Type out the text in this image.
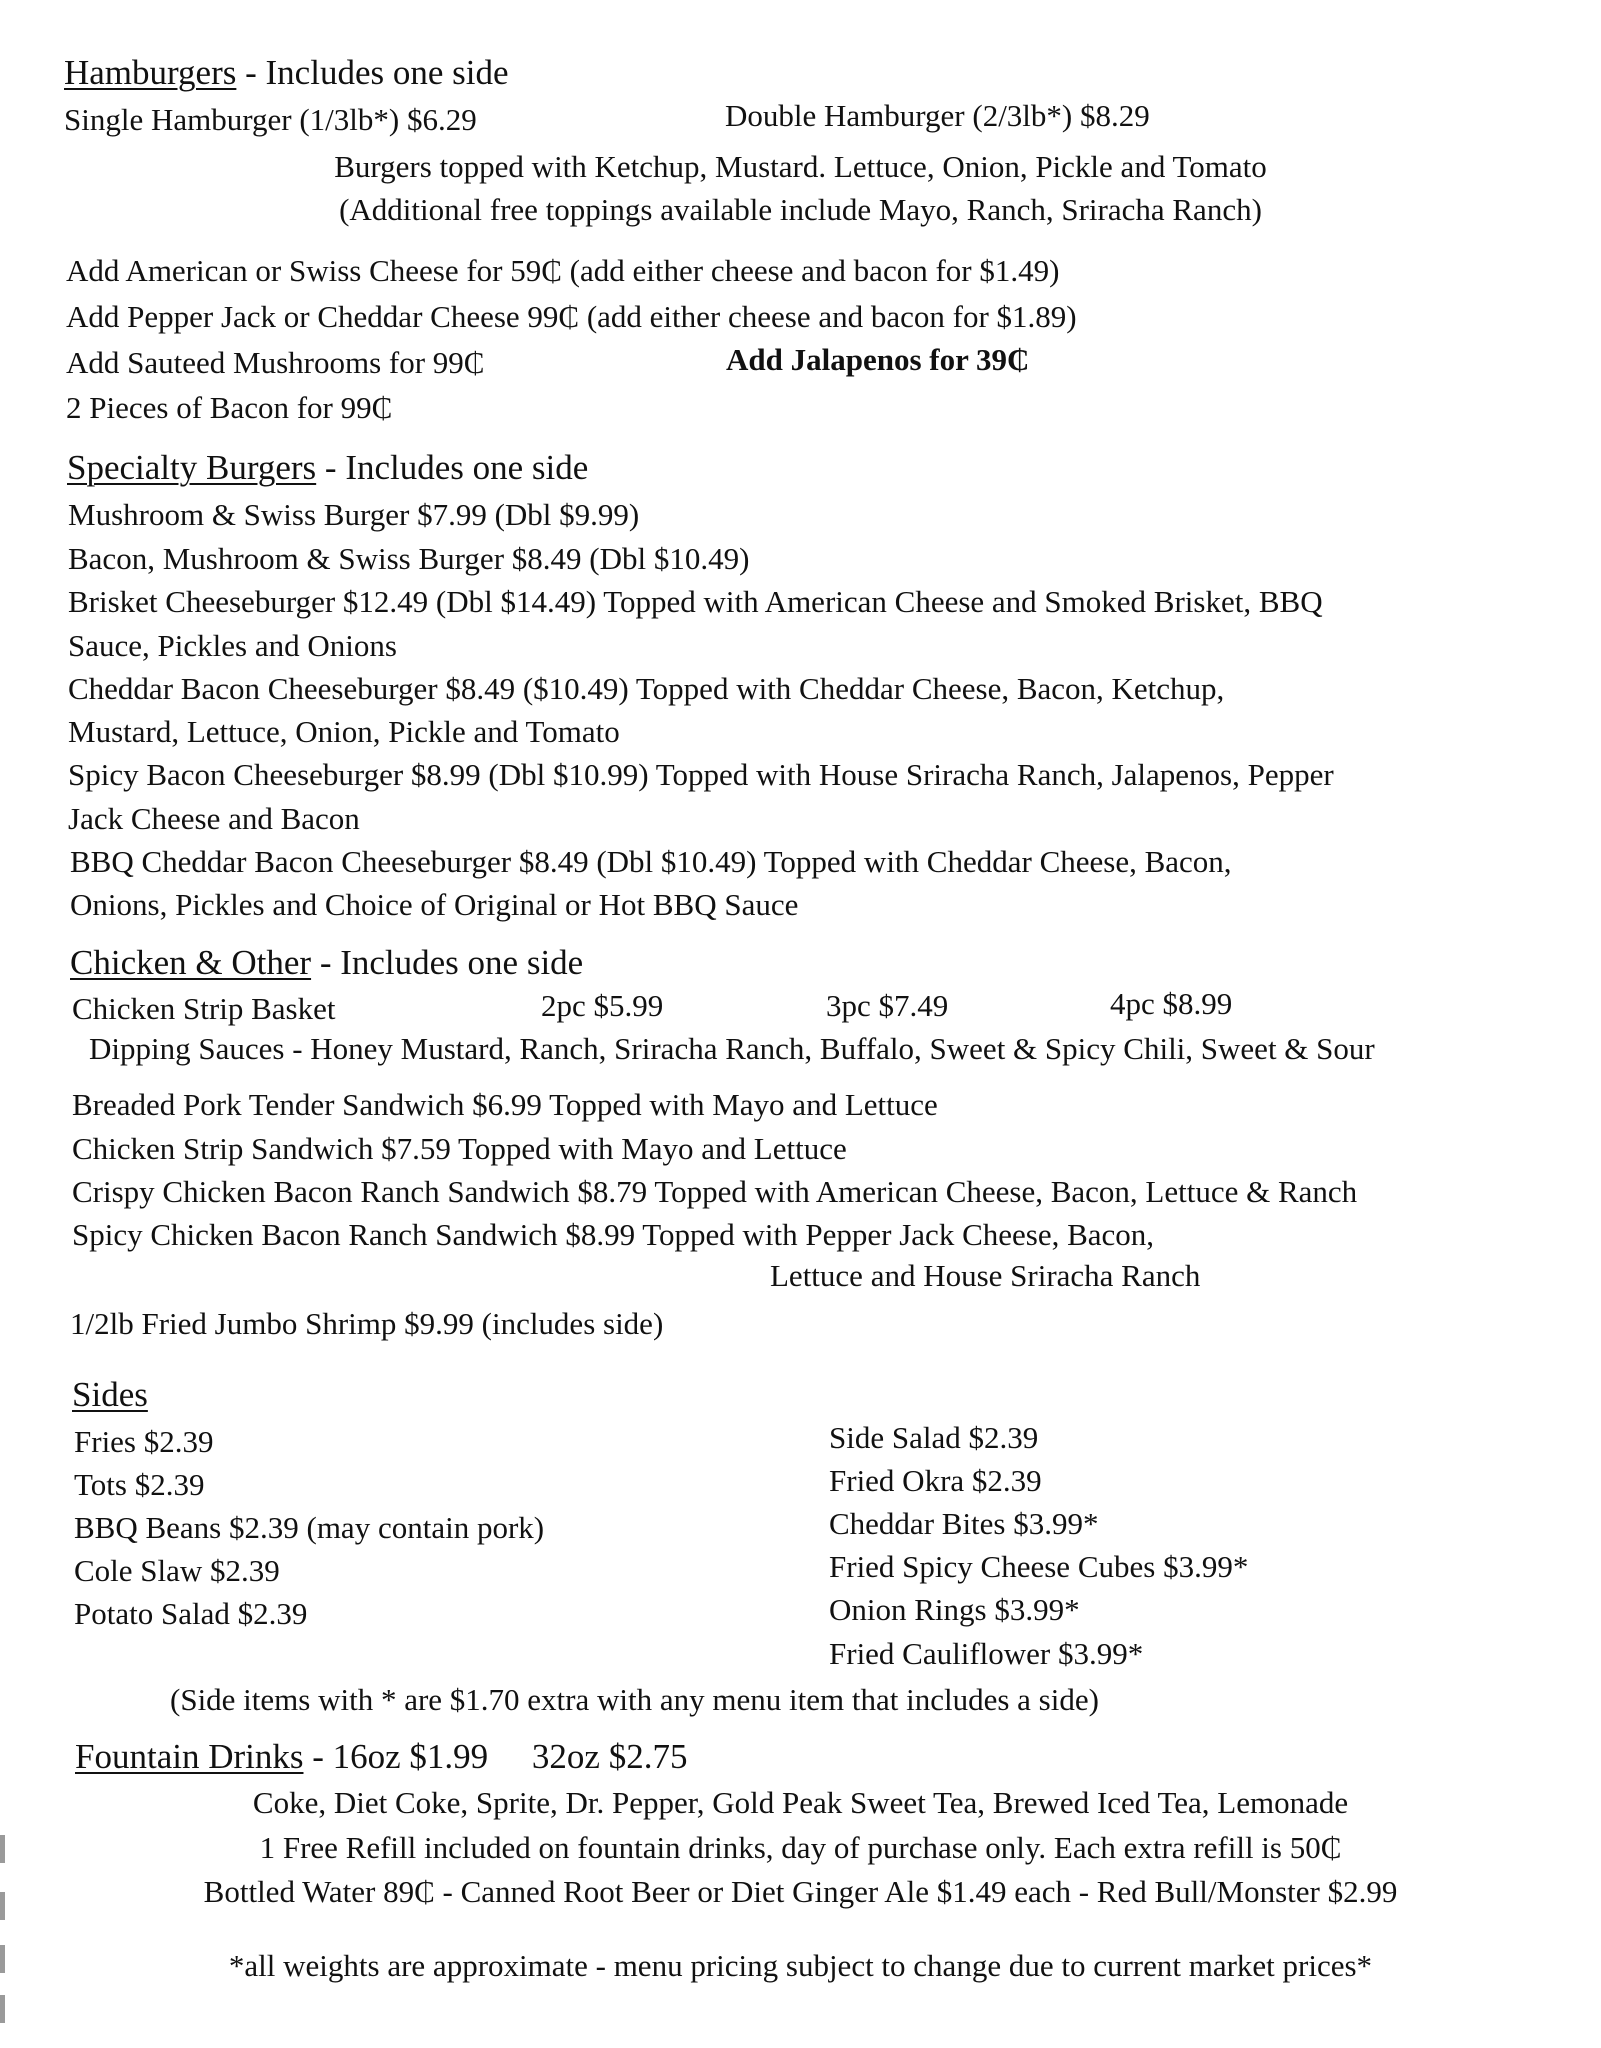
Hamburgers - Includes one side
Single Hamburger (1/3lb*) $6.29	Double Hamburger (2/3lb*) $8.29
Burgers topped with Ketchup, Mustard. Lettuce, Onion, Pickle and Tomato
(Additional free toppings available include Mayo, Ranch, Sriracha Ranch)
Add American or Swiss Cheese for 59₵ (add either cheese and bacon for $1.49)
Add Pepper Jack or Cheddar Cheese 99₵ (add either cheese and bacon for $1.89)
Add Sauteed Mushrooms for 99₵	Add Jalapenos for 39₵
2 Pieces of Bacon for 99₵
Specialty Burgers - Includes one side
Mushroom & Swiss Burger $7.99 (Dbl $9.99)
Bacon, Mushroom & Swiss Burger $8.49 (Dbl $10.49)
Brisket Cheeseburger $12.49 (Dbl $14.49) Topped with American Cheese and Smoked Brisket, BBQ
Sauce, Pickles and Onions
Cheddar Bacon Cheeseburger $8.49 ($10.49) Topped with Cheddar Cheese, Bacon, Ketchup,
Mustard, Lettuce, Onion, Pickle and Tomato
Spicy Bacon Cheeseburger $8.99 (Dbl $10.99) Topped with House Sriracha Ranch, Jalapenos, Pepper
Jack Cheese and Bacon
BBQ Cheddar Bacon Cheeseburger $8.49 (Dbl $10.49) Topped with Cheddar Cheese, Bacon,
Onions, Pickles and Choice of Original or Hot BBQ Sauce
Chicken & Other - Includes one side
Chicken Strip Basket	2pc $5.99	3pc $7.49	4pc $8.99
Dipping Sauces - Honey Mustard, Ranch, Sriracha Ranch, Buffalo, Sweet & Spicy Chili, Sweet & Sour
Breaded Pork Tender Sandwich $6.99 Topped with Mayo and Lettuce
Chicken Strip Sandwich $7.59 Topped with Mayo and Lettuce
Crispy Chicken Bacon Ranch Sandwich $8.79 Topped with American Cheese, Bacon, Lettuce & Ranch
Spicy Chicken Bacon Ranch Sandwich $8.99 Topped with Pepper Jack Cheese, Bacon,
Lettuce and House Sriracha Ranch
1/2lb Fried Jumbo Shrimp $9.99 (includes side)
Sides
Fries $2.39
Tots $2.39
BBQ Beans $2.39 (may contain pork)
Cole Slaw $2.39
Potato Salad $2.39
Side Salad $2.39
Fried Okra $2.39
Cheddar Bites $3.99*
Fried Spicy Cheese Cubes $3.99*
Onion Rings $3.99*
Fried Cauliflower $3.99*
(Side items with * are $1.70 extra with any menu item that includes a side)
Fountain Drinks - 16oz $1.99     32oz $2.75
Coke, Diet Coke, Sprite, Dr. Pepper, Gold Peak Sweet Tea, Brewed Iced Tea, Lemonade
1 Free Refill included on fountain drinks, day of purchase only. Each extra refill is 50₵
Bottled Water 89₵ - Canned Root Beer or Diet Ginger Ale $1.49 each - Red Bull/Monster $2.99
*all weights are approximate - menu pricing subject to change due to current market prices*
